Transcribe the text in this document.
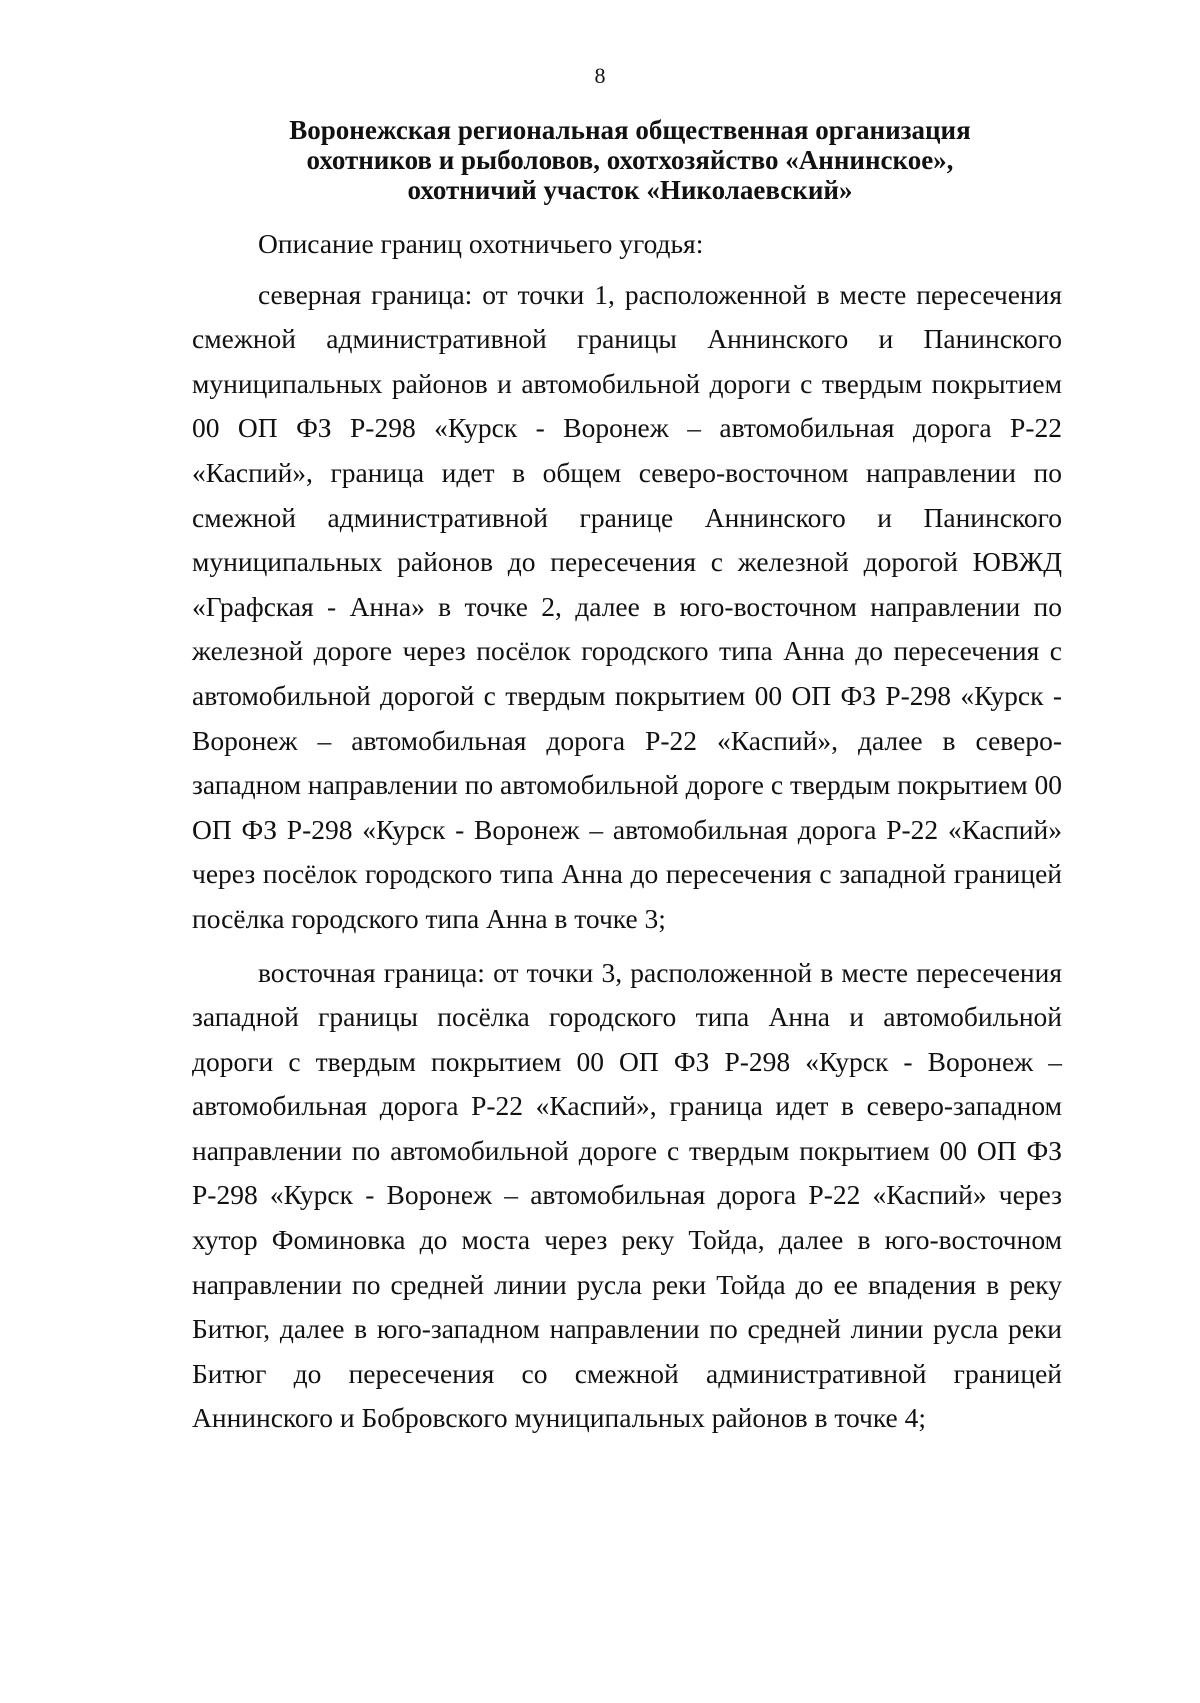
8
Воронежская региональная общественная организация
охотников и рыболовов, охотхозяйство «Аннинское»,
охотничий участок «Николаевский»

Описание границ охотничьего угодья:

северная граница: от точки 1, расположенной в месте пересечения смежной административной границы Аннинского и Панинского муниципальных районов и автомобильной дороги с твердым покрытием 00 ОП ФЗ Р-298 «Курск - Воронеж – автомобильная дорога Р-22 «Каспий», граница идет в общем северо-восточном направлении по смежной административной границе Аннинского и Панинского муниципальных районов до пересечения с железной дорогой ЮВЖД «Графская - Анна» в точке 2, далее в юго-восточном направлении по железной дороге через посёлок городского типа Анна до пересечения с автомобильной дорогой с твердым покрытием 00 ОП ФЗ Р-298 «Курск - Воронеж – автомобильная дорога Р-22 «Каспий», далее в северо-западном направлении по автомобильной дороге с твердым покрытием 00 ОП ФЗ Р-298 «Курск - Воронеж – автомобильная дорога Р-22 «Каспий» через посёлок городского типа Анна до пересечения с западной границей посёлка городского типа Анна в точке 3;

восточная граница: от точки 3, расположенной в месте пересечения западной границы посёлка городского типа Анна и автомобильной дороги с твердым покрытием 00 ОП ФЗ Р-298 «Курск - Воронеж – автомобильная дорога Р-22 «Каспий», граница идет в северо-западном направлении по автомобильной дороге с твердым покрытием 00 ОП ФЗ Р-298 «Курск - Воронеж – автомобильная дорога Р-22 «Каспий» через хутор Фоминовка до моста через реку Тойда, далее в юго-восточном направлении по средней линии русла реки Тойда до ее впадения в реку Битюг, далее в юго-западном направлении по средней линии русла реки Битюг до пересечения со смежной административной границей Аннинского и Бобровского муниципальных районов в точке 4;
